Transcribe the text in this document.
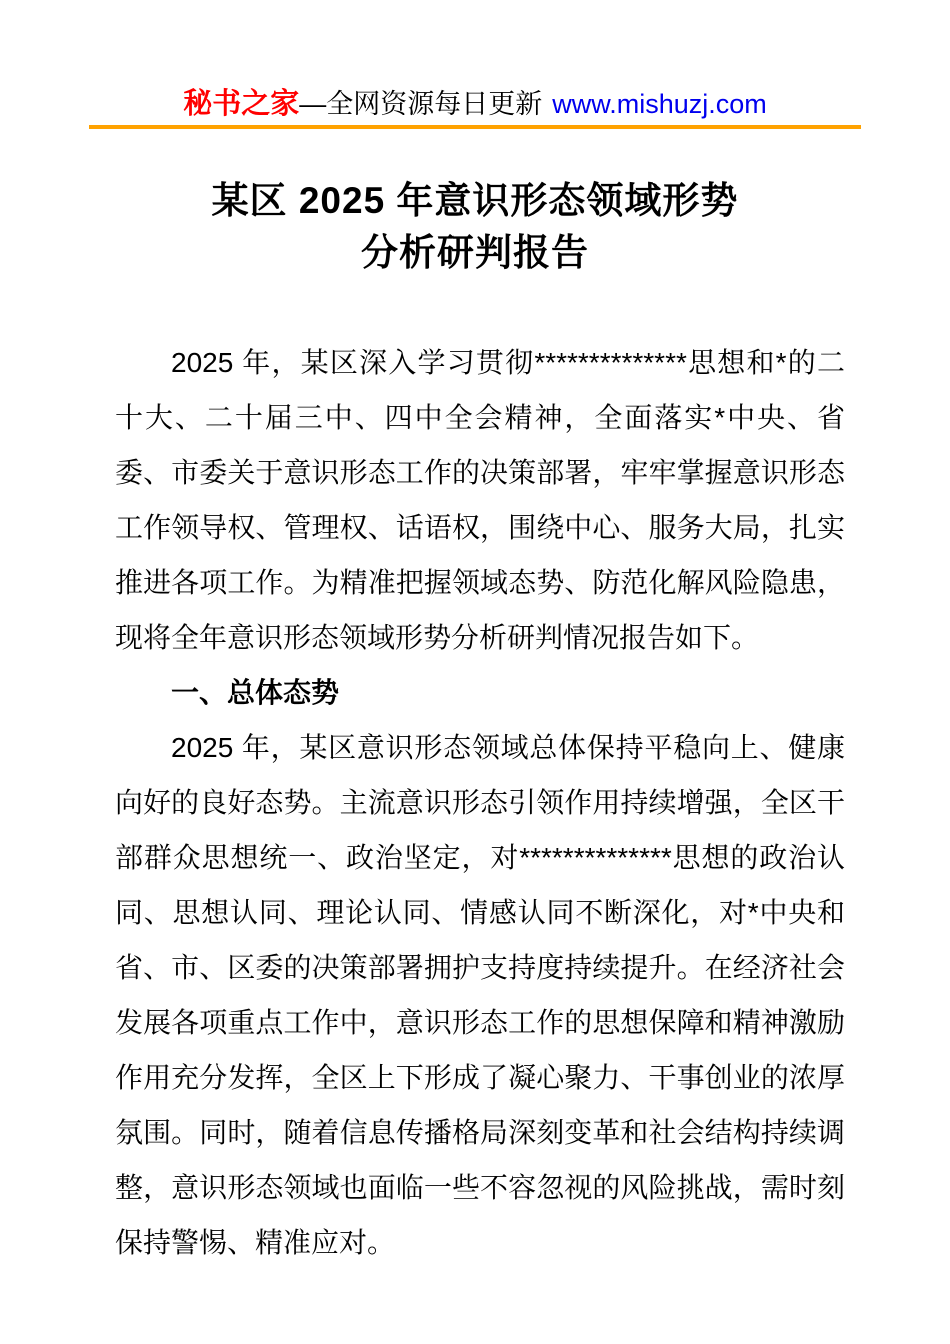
秘书之家—全网资源每日更新 www.mishuzj.com
某区 2025 年意识形态领域形势
分析研判报告

2025 年，某区深入学习贯彻**************思想和*的二十大、二十届三中、四中全会精神，全面落实*中央、省委、市委关于意识形态工作的决策部署，牢牢掌握意识形态工作领导权、管理权、话语权，围绕中心、服务大局，扎实推进各项工作。为精准把握领域态势、防范化解风险隐患，现将全年意识形态领域形势分析研判情况报告如下。

一、总体态势

2025 年，某区意识形态领域总体保持平稳向上、健康向好的良好态势。主流意识形态引领作用持续增强，全区干部群众思想统一、政治坚定，对**************思想的政治认同、思想认同、理论认同、情感认同不断深化，对*中央和省、市、区委的决策部署拥护支持度持续提升。在经济社会发展各项重点工作中，意识形态工作的思想保障和精神激励作用充分发挥，全区上下形成了凝心聚力、干事创业的浓厚氛围。同时，随着信息传播格局深刻变革和社会结构持续调整，意识形态领域也面临一些不容忽视的风险挑战，需时刻保持警惕、精准应对。
